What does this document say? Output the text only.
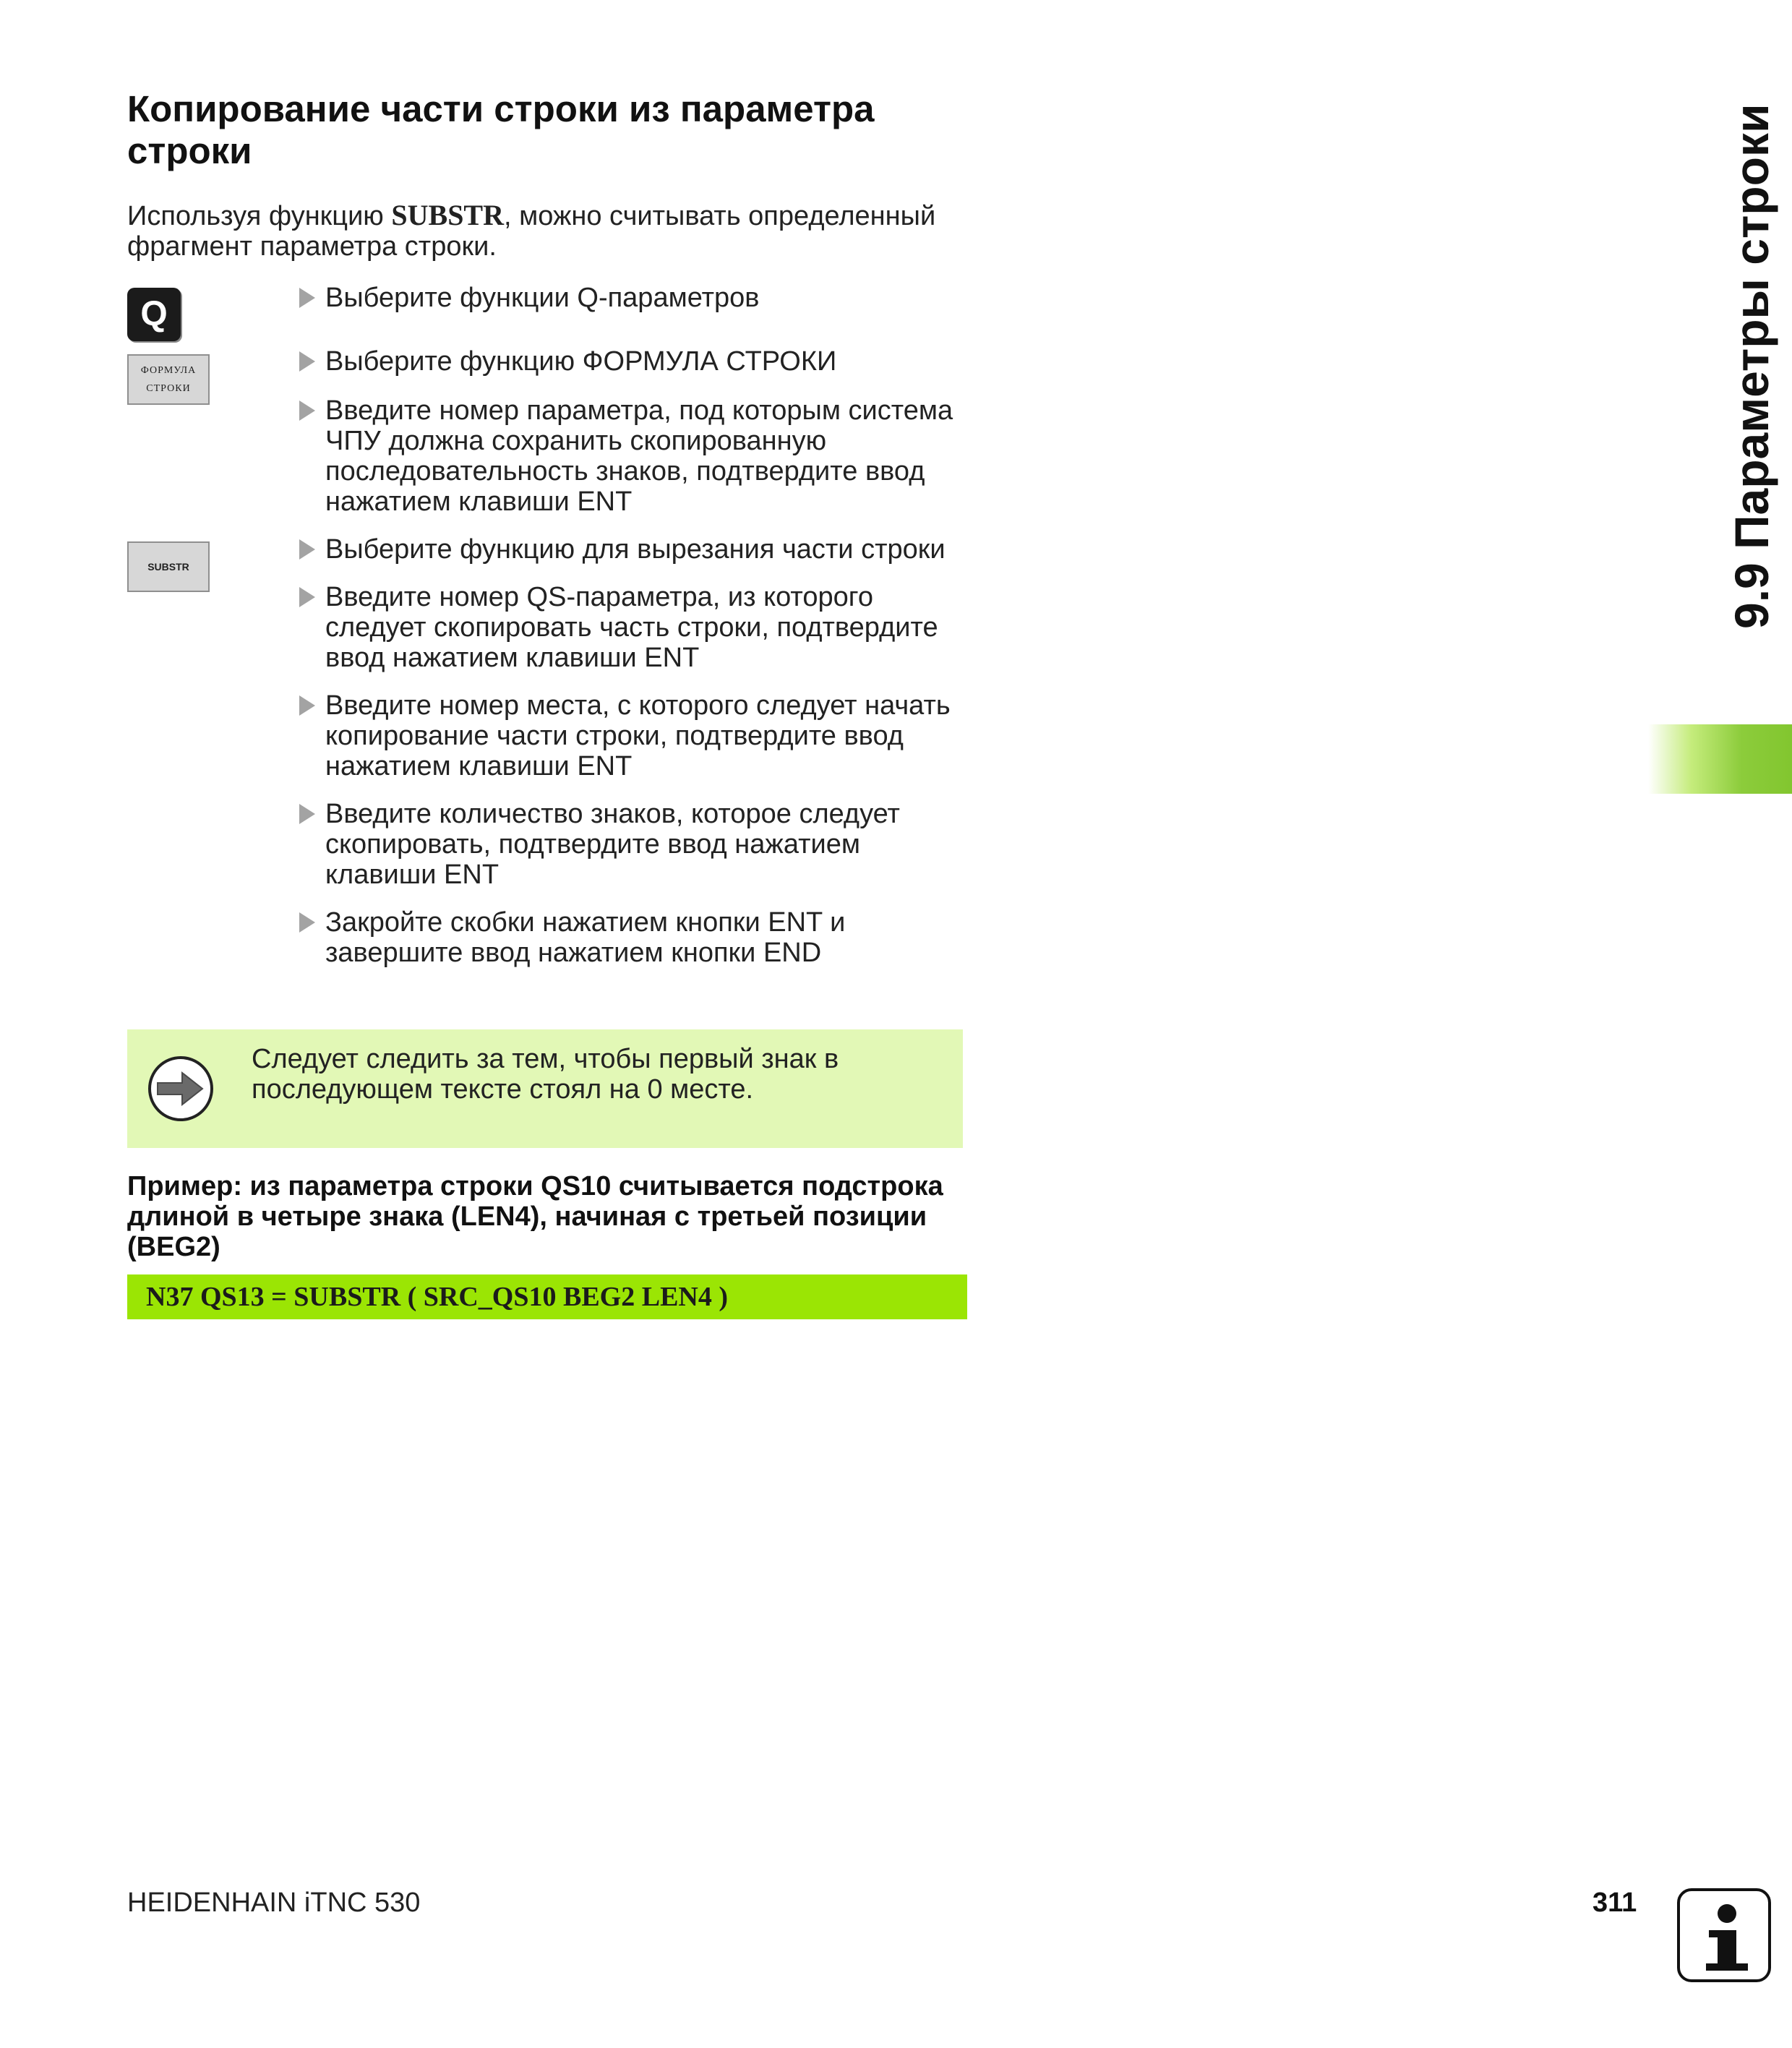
Копирование части строки из параметра строки
Используя функцию SUBSTR, можно считывать определенный фрагмент параметра строки.
Q
ФОРМУЛА
СТРОКИ
SUBSTR
Выберите функции Q-параметров
Выберите функцию ФОРМУЛА СТРОКИ
Введите номер параметра, под которым система ЧПУ должна сохранить скопированную последовательность знаков, подтвердите ввод нажатием клавиши ENT
Выберите функцию для вырезания части строки
Введите номер QS-параметра, из которого следует скопировать часть строки, подтвердите ввод нажатием клавиши ENT
Введите номер места, с которого следует начать копирование части строки, подтвердите ввод нажатием клавиши ENT
Введите количество знаков, которое следует скопировать, подтвердите ввод нажатием клавиши ENT
Закройте скобки нажатием кнопки ENT и завершите ввод нажатием кнопки END
Следует следить за тем, чтобы первый знак в последующем тексте стоял на 0 месте.
Пример: из параметра строки QS10 считывается подстрока длиной в четыре знака (LEN4), начиная с третьей позиции (BEG2)
N37 QS13 = SUBSTR ( SRC_QS10 BEG2 LEN4 )
9.9 Параметры строки
HEIDENHAIN iTNC 530	311
